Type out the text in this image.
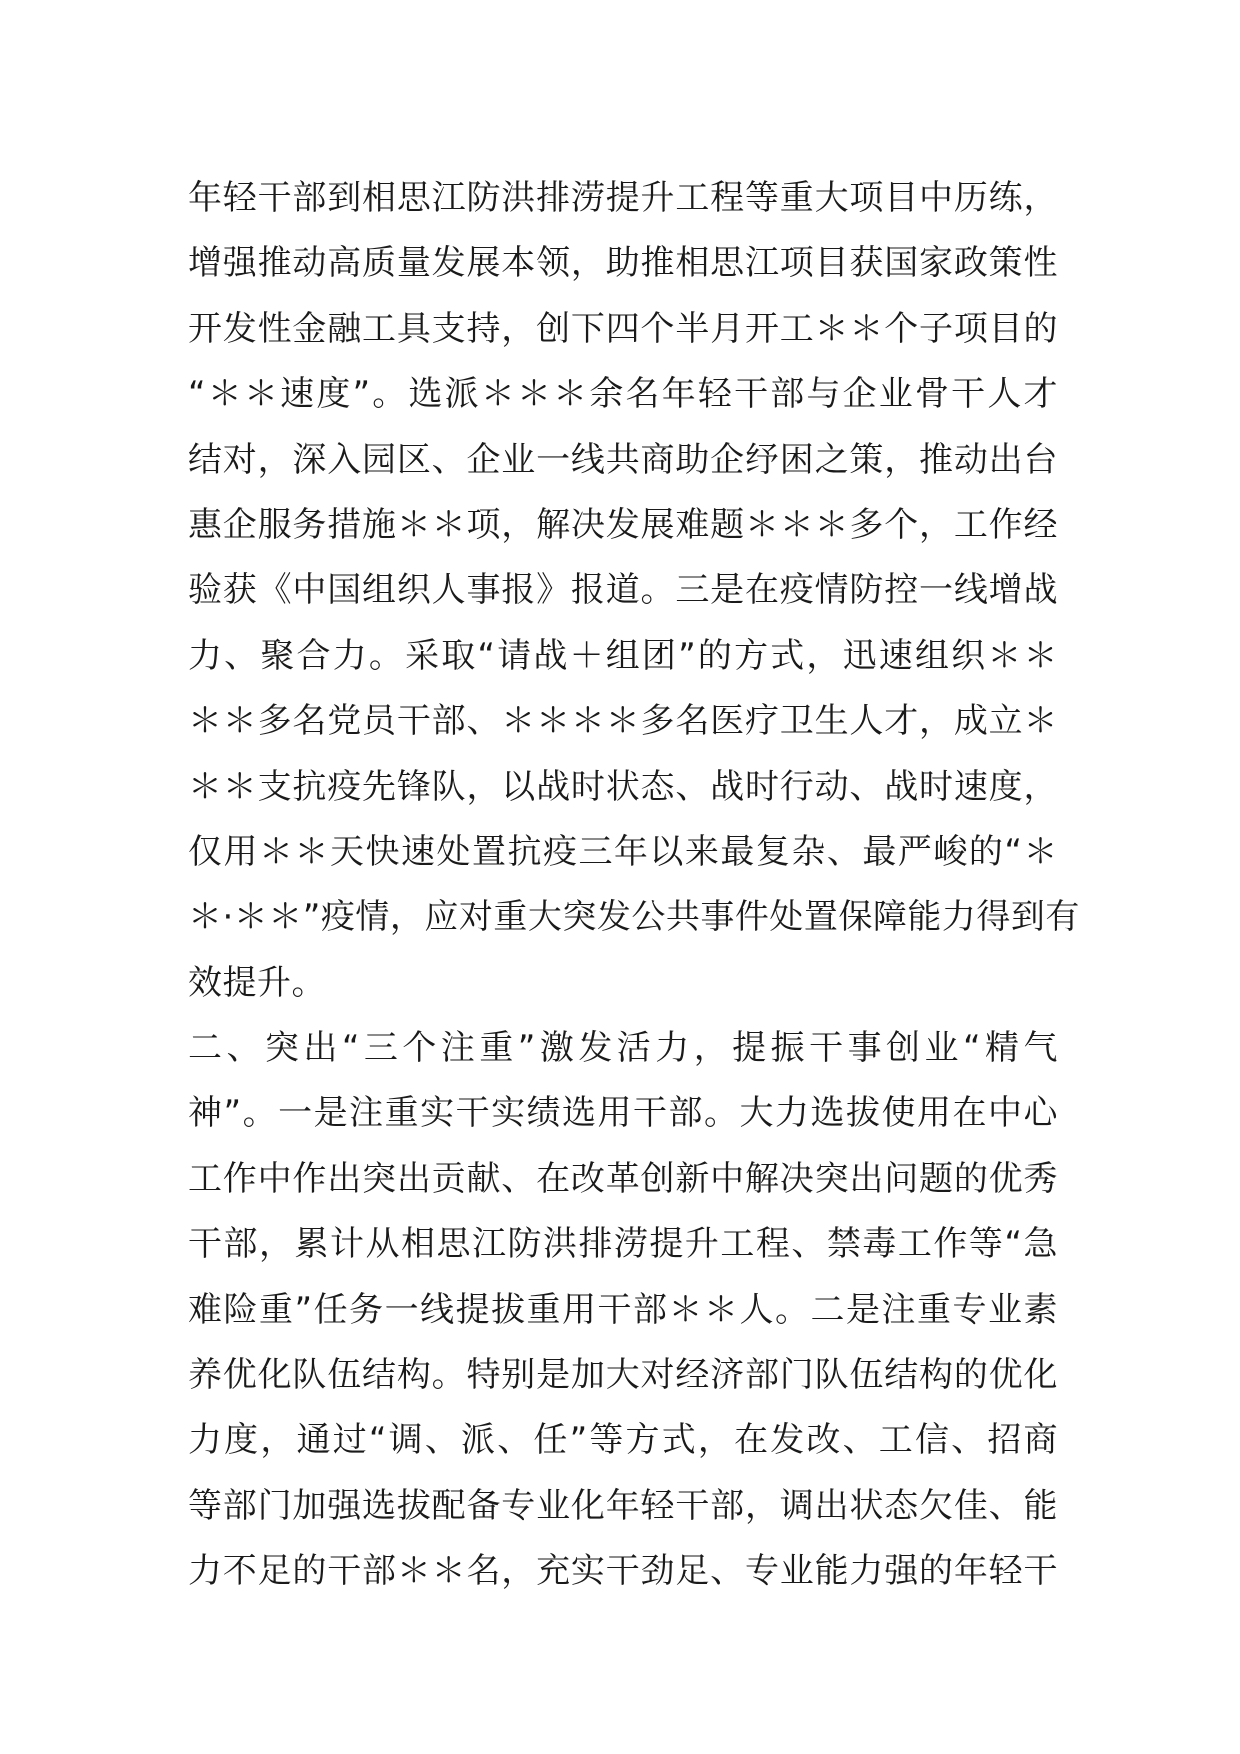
年轻干部到相思江防洪排涝提升工程等重大项目中历练，
增强推动高质量发展本领，助推相思江项目获国家政策性
开发性金融工具支持，创下四个半月开工＊＊个子项目的
“＊＊速度”。选派＊＊＊余名年轻干部与企业骨干人才
结对，深入园区、企业一线共商助企纾困之策，推动出台
惠企服务措施＊＊项，解决发展难题＊＊＊多个，工作经
验获《中国组织人事报》报道。三是在疫情防控一线增战
力、聚合力。采取“请战＋组团”的方式，迅速组织＊＊
＊＊多名党员干部、＊＊＊＊多名医疗卫生人才，成立＊
＊＊支抗疫先锋队，以战时状态、战时行动、战时速度，
仅用＊＊天快速处置抗疫三年以来最复杂、最严峻的“＊
＊·＊＊”疫情，应对重大突发公共事件处置保障能力得到有
效提升。
二、突出“三个注重”激发活力，提振干事创业“精气
神”。一是注重实干实绩选用干部。大力选拔使用在中心
工作中作出突出贡献、在改革创新中解决突出问题的优秀
干部，累计从相思江防洪排涝提升工程、禁毒工作等“急
难险重”任务一线提拔重用干部＊＊人。二是注重专业素
养优化队伍结构。特别是加大对经济部门队伍结构的优化
力度，通过“调、派、任”等方式，在发改、工信、招商
等部门加强选拔配备专业化年轻干部，调出状态欠佳、能
力不足的干部＊＊名，充实干劲足、专业能力强的年轻干
